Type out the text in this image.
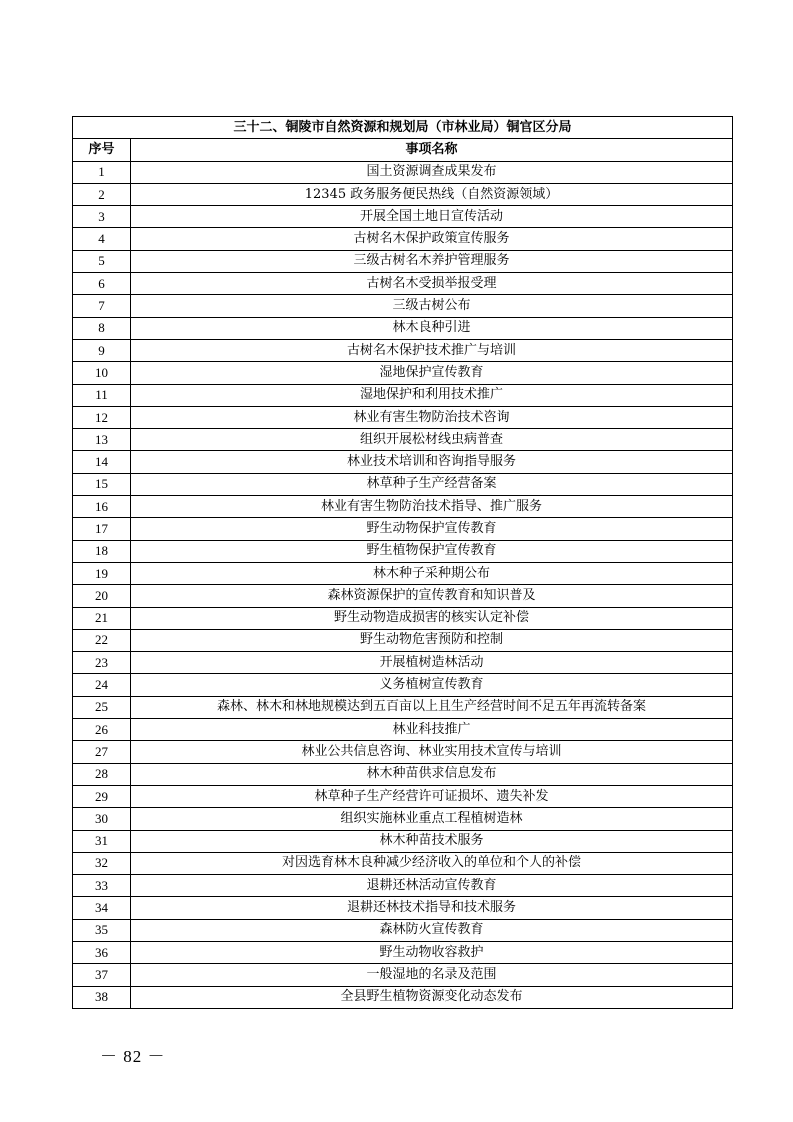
三十二、铜陵市自然资源和规划局（市林业局）铜官区分局	
序号	事项名称
1	国土资源调查成果发布
2	12345 政务服务便民热线（自然资源领域）
3	开展全国土地日宣传活动
4	古树名木保护政策宣传服务
5	三级古树名木养护管理服务
6	古树名木受损举报受理
7	三级古树公布
8	林木良种引进
9	古树名木保护技术推广与培训
10	湿地保护宣传教育
11	湿地保护和利用技术推广
12	林业有害生物防治技术咨询
13	组织开展松材线虫病普查
14	林业技术培训和咨询指导服务
15	林草种子生产经营备案
16	林业有害生物防治技术指导、推广服务
17	野生动物保护宣传教育
18	野生植物保护宣传教育
19	林木种子采种期公布
20	森林资源保护的宣传教育和知识普及
21	野生动物造成损害的核实认定补偿
22	野生动物危害预防和控制
23	开展植树造林活动
24	义务植树宣传教育
25	森林、林木和林地规模达到五百亩以上且生产经营时间不足五年再流转备案
26	林业科技推广
27	林业公共信息咨询、林业实用技术宣传与培训
28	林木种苗供求信息发布
29	林草种子生产经营许可证损坏、遗失补发
30	组织实施林业重点工程植树造林
31	林木种苗技术服务
32	对因选育林木良种减少经济收入的单位和个人的补偿
33	退耕还林活动宣传教育
34	退耕还林技术指导和技术服务
35	森林防火宣传教育
36	野生动物收容救护
37	一般湿地的名录及范围
38	全县野生植物资源变化动态发布
－ 82 －
